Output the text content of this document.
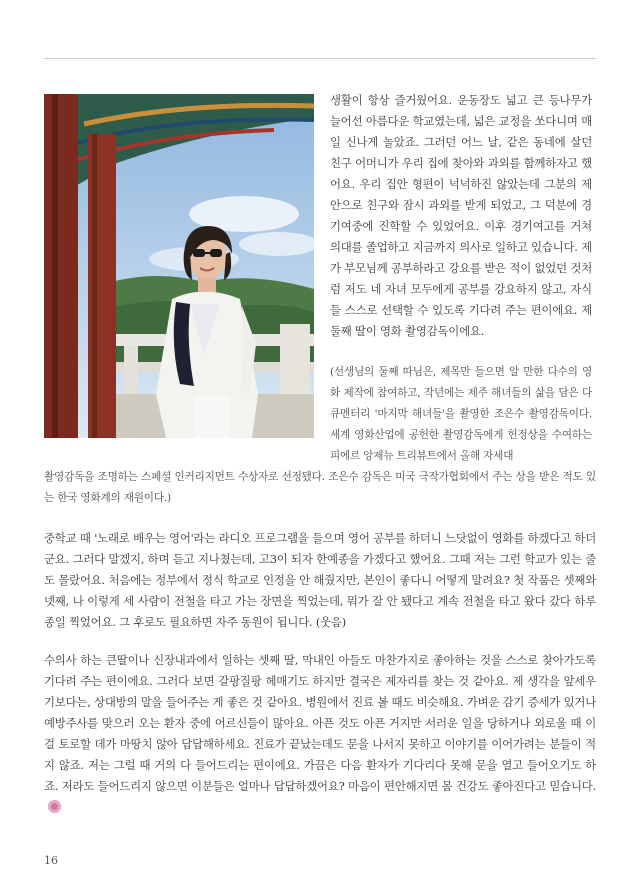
생활이 항상 즐거웠어요. 운동장도 넓고 큰 등나무가 늘어선 아름다운 학교였는데, 넓은 교정을 쏘다니며 매일 신나게 놀았죠. 그러던 어느 날, 같은 동네에 살던 친구 어머니가 우리 집에 찾아와 과외를 함께하자고 했어요. 우리 집안 형편이 넉넉하진 않았는데 그분의 제안으로 친구와 잠시 과외를 받게 되었고, 그 덕분에 경기여중에 진학할 수 있었어요. 이후 경기여고를 거쳐 의대를 졸업하고 지금까지 의사로 일하고 있습니다. 제가 부모님께 공부하라고 강요를 받은 적이 없었던 것처럼 저도 네 자녀 모두에게 공부를 강요하지 않고, 자식들 스스로 선택할 수 있도록 기다려 주는 편이에요. 제 둘째 딸이 영화 촬영감독이에요.

(선생님의 둘째 따님은, 제목만 들으면 알 만한 다수의 영화 제작에 참여하고, 작년에는 제주 해녀들의 삶을 담은 다큐멘터리 '마지막 해녀들'을 촬영한 조은수 촬영감독이다. 세계 영화산업에 공헌한 촬영감독에게 헌정상을 수여하는 피에르 앙제뉴 트리뷰트에서 올해 자세대

촬영감독을 조명하는 스페셜 인커리지먼트 수상자로 선정됐다. 조은수 감독은 미국 극작가협회에서 주는 상을 받은 적도 있는 한국 영화계의 재원이다.)

중학교 때 '노래로 배우는 영어'라는 라디오 프로그램을 들으며 영어 공부를 하더니 느닷없이 영화를 하겠다고 하더군요. 그러다 말겠지, 하며 듣고 지나쳤는데, 고3이 되자 한예종을 가겠다고 했어요. 그때 저는 그런 학교가 있는 줄도 몰랐어요. 처음에는 정부에서 정식 학교로 인정을 안 해줬지만, 본인이 좋다니 어떻게 말려요? 첫 작품은 셋째와 넷째, 나 이렇게 세 사람이 전철을 타고 가는 장면을 찍었는데, 뭐가 잘 안 됐다고 계속 전철을 타고 왔다 갔다 하루 종일 찍었어요. 그 후로도 필요하면 자주 동원이 됩니다. (웃음)

수의사 하는 큰딸이나 신장내과에서 일하는 셋째 딸, 막내인 아들도 마찬가지로 좋아하는 것을 스스로 찾아가도록 기다려 주는 편이에요. 그러다 보면 갈팡질팡 헤매기도 하지만 결국은 제자리를 찾는 것 같아요. 제 생각을 앞세우기보다는, 상대방의 말을 들어주는 게 좋은 것 같아요. 병원에서 진료 볼 때도 비슷해요. 가벼운 감기 증세가 있거나 예방주사를 맞으러 오는 환자 중에 어르신들이 많아요. 아픈 것도 아픈 거지만 서러운 일을 당하거나 외로울 때 이걸 토로할 데가 마땅치 않아 답답해하세요. 진료가 끝났는데도 문을 나서지 못하고 이야기를 이어가려는 분들이 적지 않죠. 저는 그럴 때 거의 다 들어드리는 편이에요. 가끔은 다음 환자가 기다리다 못해 문을 열고 들어오기도 하죠. 저라도 들어드리지 않으면 이분들은 얼마나 답답하겠어요? 마음이 편안해지면 몸 건강도 좋아진다고 믿습니다.

16
